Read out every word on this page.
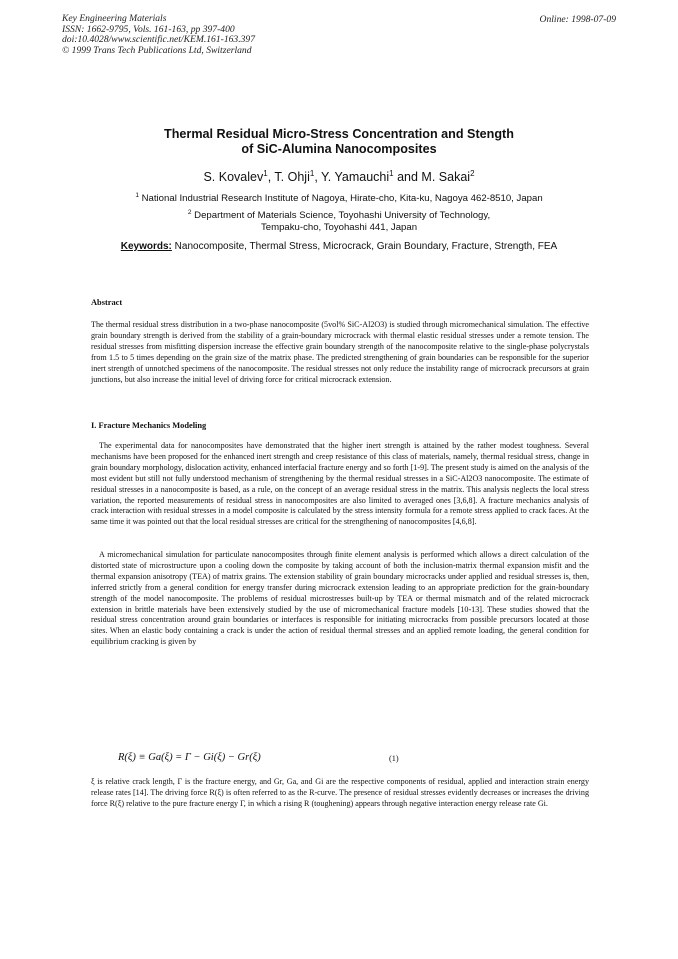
Key Engineering Materials
ISSN: 1662-9795, Vols. 161-163, pp 397-400
doi:10.4028/www.scientific.net/KEM.161-163.397
© 1999 Trans Tech Publications Ltd, Switzerland
Online: 1998-07-09
Thermal Residual Micro-Stress Concentration and Stength
of SiC-Alumina Nanocomposites
S. Kovalev$^1$, T. Ohji$^1$, Y. Yamauchi$^1$ and M. Sakai$^2$
$^1$ National Industrial Research Institute of Nagoya, Hirate-cho, Kita-ku, Nagoya 462-8510, Japan
$^2$ Department of Materials Science, Toyohashi University of Technology,
Tempaku-cho, Toyohashi 441, Japan
Keywords: Nanocomposite, Thermal Stress, Microcrack, Grain Boundary, Fracture, Strength, FEA
Abstract

The thermal residual stress distribution in a two-phase nanocomposite (5vol% SiC-Al2O3) is studied through micromechanical simulation. The effective grain boundary strength is derived from the stability of a grain-boundary microcrack with thermal elastic residual stresses under a remote tension. The residual stresses from misfitting dispersion increase the effective grain boundary strength of the nanocomposite relative to the single-phase polycrystals from 1.5 to 5 times depending on the grain size of the matrix phase. The predicted strengthening of grain boundaries can be responsible for the superior inert strength of unnotched specimens of the nanocomposite. The residual stresses not only reduce the instability range of microcrack precursors at grain junctions, but also increase the initial level of driving force for critical microcrack extension.

I. Fracture Mechanics Modeling

The experimental data for nanocomposites have demonstrated that the higher inert strength is attained by the rather modest toughness. Several mechanisms have been proposed for the enhanced inert strength and creep resistance of this class of materials, namely, thermal residual stress, change in grain boundary morphology, dislocation activity, enhanced interfacial fracture energy and so forth [1-9]. The present study is aimed on the analysis of the most evident but still not fully understood mechanism of strengthening by the thermal residual stresses in a SiC-Al2O3 nanocomposite. The estimate of residual stresses in a nanocomposite is based, as a rule, on the concept of an average residual stress in the matrix. This analysis neglects the local stress variation, the reported measurements of residual stress in nanocomposites are also limited to averaged ones [3,6,8]. A fracture mechanics analysis of crack interaction with residual stresses in a model composite is calculated by the stress intensity formula for a remote stress applied to crack faces. At the same time it was pointed out that the local residual stresses are critical for the strengthening of nanocomposites [4,6,8].

A micromechanical simulation for particulate nanocomposites through finite element analysis is performed which allows a direct calculation of the distorted state of microstructure upon a cooling down the composite by taking account of both the inclusion-matrix thermal expansion misfit and the thermal expansion anisotropy (TEA) of matrix grains. The extension stability of grain boundary microcracks under applied and residual stresses is, then, inferred strictly from a general condition for energy transfer during microcrack extension leading to an appropriate prediction for the grain-boundary strength of the model nanocomposite. The problems of residual microstresses built-up by TEA or thermal mismatch and of the related microcrack extension in brittle materials have been extensively studied by the use of micromechanical fracture models [10-13]. These studies showed that the residual stress concentration around grain boundaries or interfaces is responsible for initiating microcracks from possible precursors located at those sites. When an elastic body containing a crack is under the action of residual thermal stresses and an applied remote loading, the general condition for equilibrium cracking is given by

R(ξ) ≡ Ga(ξ) = Γ − Gi(ξ) − Gr(ξ)	(1)

ξ is relative crack length, Γ is the fracture energy, and Gr, Ga, and Gi are the respective components of residual, applied and interaction strain energy release rates [14]. The driving force R(ξ) is often referred to as the R-curve. The presence of residual stresses evidently decreases or increases the driving force R(ξ) relative to the pure fracture energy Γ, in which a rising R (toughening) appears through negative interaction energy release rate Gi.
